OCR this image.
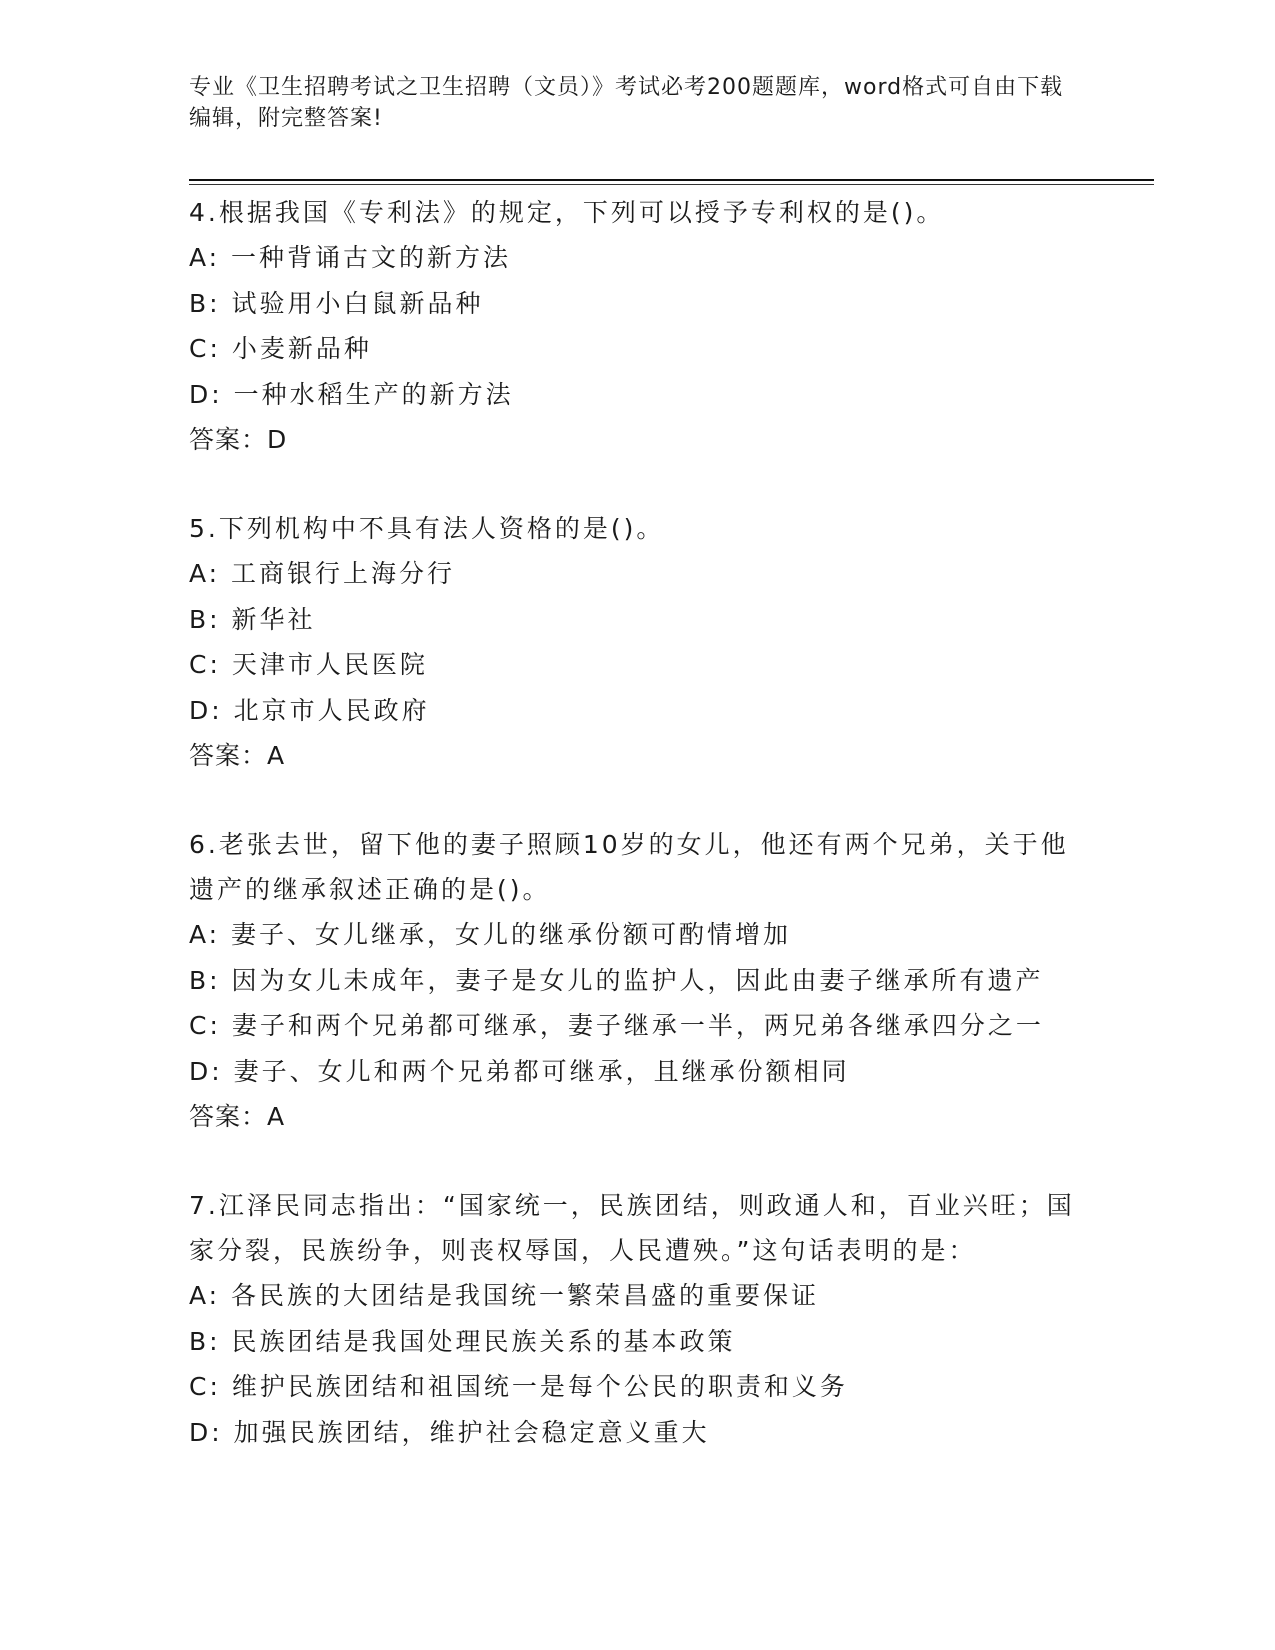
专业《卫生招聘考试之卫生招聘（文员）》考试必考200题题库，word格式可自由下载编辑，附完整答案!

4.根据我国《专利法》的规定，下列可以授予专利权的是()。

A: 一种背诵古文的新方法

B: 试验用小白鼠新品种

C: 小麦新品种

D: 一种水稻生产的新方法

答案：D

5.下列机构中不具有法人资格的是()。

A: 工商银行上海分行

B: 新华社

C: 天津市人民医院

D: 北京市人民政府

答案：A

6.老张去世，留下他的妻子照顾10岁的女儿，他还有两个兄弟，关于他遗产的继承叙述正确的是()。

A: 妻子、女儿继承，女儿的继承份额可酌情增加

B: 因为女儿未成年，妻子是女儿的监护人，因此由妻子继承所有遗产

C: 妻子和两个兄弟都可继承，妻子继承一半，两兄弟各继承四分之一

D: 妻子、女儿和两个兄弟都可继承，且继承份额相同

答案：A

7.江泽民同志指出：“国家统一，民族团结，则政通人和，百业兴旺；国家分裂，民族纷争，则丧权辱国，人民遭殃。”这句话表明的是：

A: 各民族的大团结是我国统一繁荣昌盛的重要保证

B: 民族团结是我国处理民族关系的基本政策

C: 维护民族团结和祖国统一是每个公民的职责和义务

D: 加强民族团结，维护社会稳定意义重大
